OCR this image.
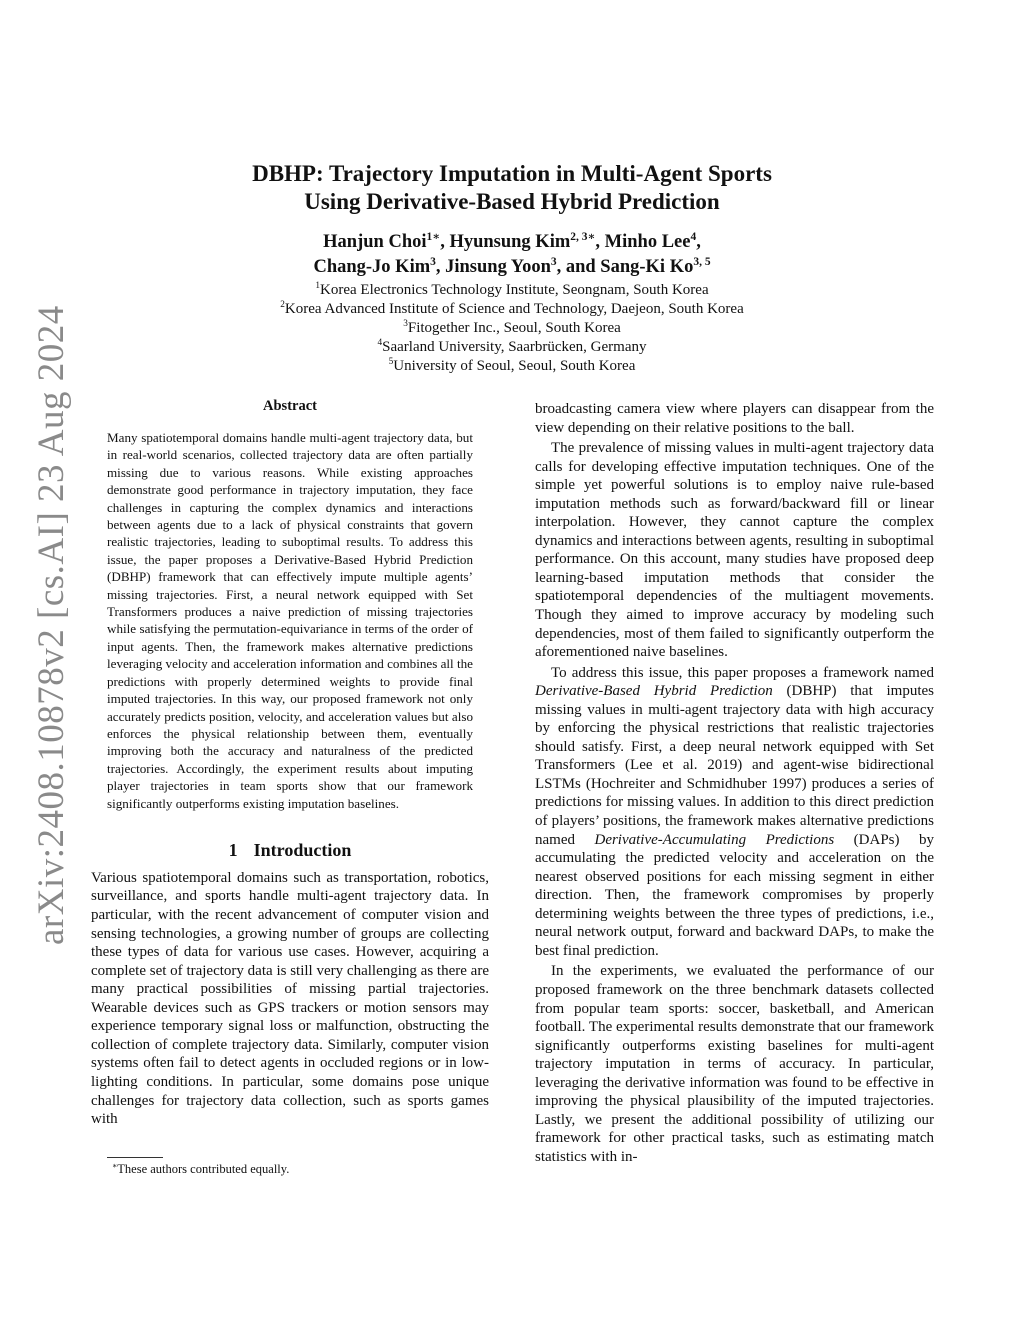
arXiv:2408.10878v2 [cs.AI] 23 Aug 2024
DBHP: Trajectory Imputation in Multi-Agent Sports
Using Derivative-Based Hybrid Prediction
Hanjun Choi$^{1∗}$, Hyunsung Kim$^{2, 3∗}$, Minho Lee$^4$,
Chang-Jo Kim$^3$, Jinsung Yoon$^3$, and Sang-Ki Ko$^{3, 5}$
$^1$Korea Electronics Technology Institute, Seongnam, South Korea
$^2$Korea Advanced Institute of Science and Technology, Daejeon, South Korea
$^3$Fitogether Inc., Seoul, South Korea
$^4$Saarland University, Saarbrücken, Germany
$^5$University of Seoul, Seoul, South Korea
Abstract

Many spatiotemporal domains handle multi-agent trajectory data, but in real-world scenarios, collected trajectory data are often partially missing due to various reasons. While existing approaches demonstrate good performance in trajectory imputation, they face challenges in capturing the complex dynamics and interactions between agents due to a lack of physical constraints that govern realistic trajectories, leading to suboptimal results. To address this issue, the paper proposes a Derivative-Based Hybrid Prediction (DBHP) framework that can effectively impute multiple agents’ missing trajectories. First, a neural network equipped with Set Transformers produces a naive prediction of missing trajectories while satisfying the permutation-equivariance in terms of the order of input agents. Then, the framework makes alternative predictions leveraging velocity and acceleration information and combines all the predictions with properly determined weights to provide final imputed trajectories. In this way, our proposed framework not only accurately predicts position, velocity, and acceleration values but also enforces the physical relationship between them, eventually improving both the accuracy and naturalness of the predicted trajectories. Accordingly, the experiment results about imputing player trajectories in team sports show that our framework significantly outperforms existing imputation baselines.

1 Introduction

Various spatiotemporal domains such as transportation, robotics, surveillance, and sports handle multi-agent trajectory data. In particular, with the recent advancement of computer vision and sensing technologies, a growing number of groups are collecting these types of data for various use cases. However, acquiring a complete set of trajectory data is still very challenging as there are many practical possibilities of missing partial trajectories. Wearable devices such as GPS trackers or motion sensors may experience temporary signal loss or malfunction, obstructing the collection of complete trajectory data. Similarly, computer vision systems often fail to detect agents in occluded regions or in low-lighting conditions. In particular, some domains pose unique challenges for trajectory data collection, such as sports games with

broadcasting camera view where players can disappear from the view depending on their relative positions to the ball.

The prevalence of missing values in multi-agent trajectory data calls for developing effective imputation techniques. One of the simple yet powerful solutions is to employ naive rule-based imputation methods such as forward/backward fill or linear interpolation. However, they cannot capture the complex dynamics and interactions between agents, resulting in suboptimal performance. On this account, many studies have proposed deep learning-based imputation methods that consider the spatiotemporal dependencies of the multiagent movements. Though they aimed to improve accuracy by modeling such dependencies, most of them failed to significantly outperform the aforementioned naive baselines.

To address this issue, this paper proposes a framework named Derivative-Based Hybrid Prediction (DBHP) that imputes missing values in multi-agent trajectory data with high accuracy by enforcing the physical restrictions that realistic trajectories should satisfy. First, a deep neural network equipped with Set Transformers (Lee et al. 2019) and agent-wise bidirectional LSTMs (Hochreiter and Schmidhuber 1997) produces a series of predictions for missing values. In addition to this direct prediction of players’ positions, the framework makes alternative predictions named Derivative-Accumulating Predictions (DAPs) by accumulating the predicted velocity and acceleration on the nearest observed positions for each missing segment in either direction. Then, the framework compromises by properly determining weights between the three types of predictions, i.e., neural network output, forward and backward DAPs, to make the best final prediction.

In the experiments, we evaluated the performance of our proposed framework on the three benchmark datasets collected from popular team sports: soccer, basketball, and American football. The experimental results demonstrate that our framework significantly outperforms existing baselines for multi-agent trajectory imputation in terms of accuracy. In particular, leveraging the derivative information was found to be effective in improving the physical plausibility of the imputed trajectories. Lastly, we present the additional possibility of utilizing our framework for other practical tasks, such as estimating match statistics with in-

∗These authors contributed equally.
